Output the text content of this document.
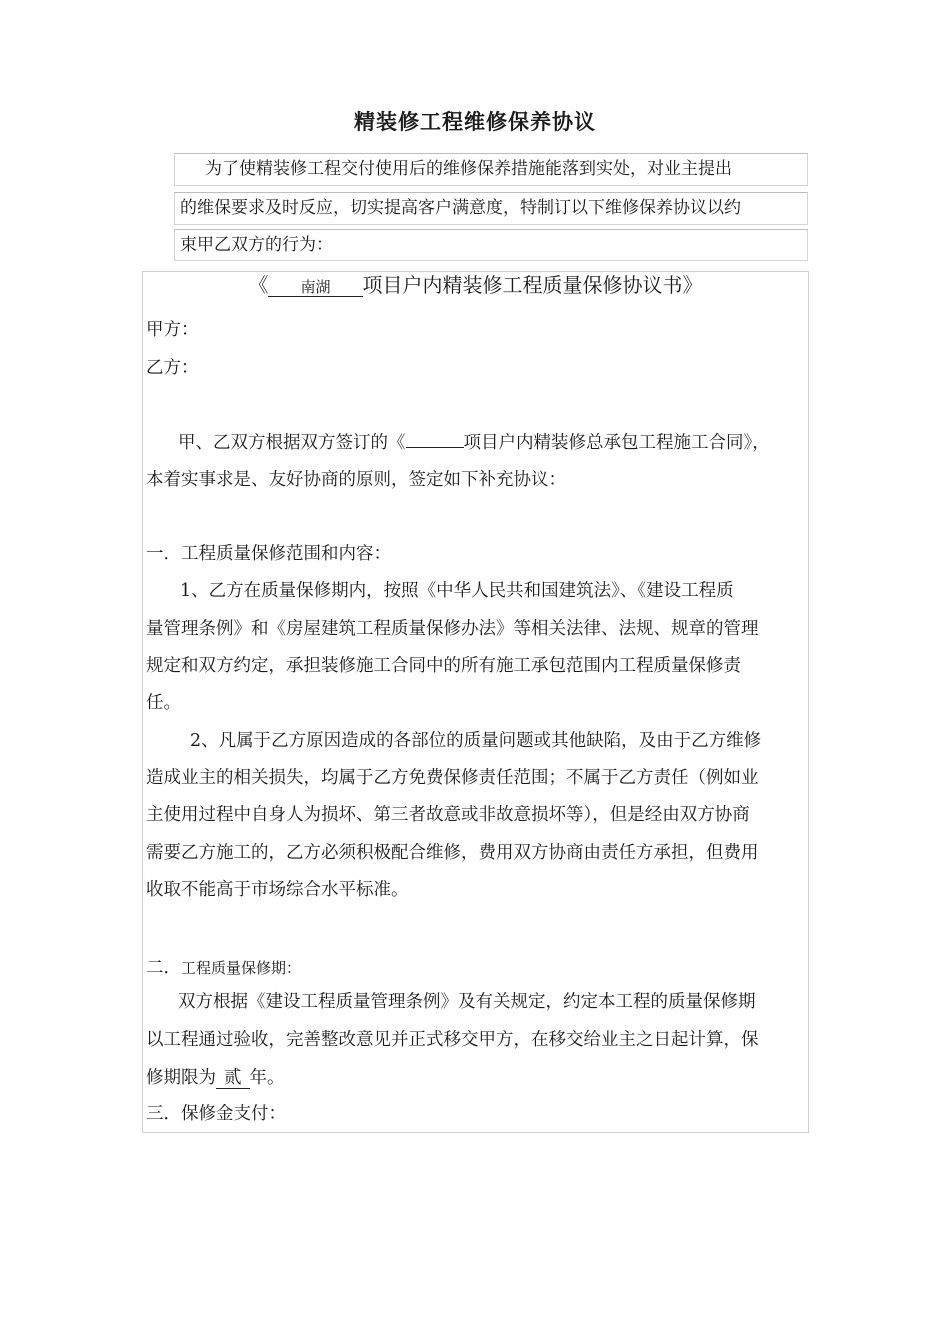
精装修工程维修保养协议
为了使精装修工程交付使用后的维修保养措施能落到实处，对业主提出
的维保要求及时反应，切实提高客户满意度，特制订以下维修保养协议以约
束甲乙双方的行为：
《 南湖 项目户内精装修工程质量保修协议书》
甲方：
乙方：
甲、乙双方根据双方签订的《	项目户内精装修总承包工程施工合同》，
本着实事求是、友好协商的原则，签定如下补充协议：
一．工程质量保修范围和内容：
1、乙方在质量保修期内，按照《中华人民共和国建筑法》、《建设工程质
量管理条例》和《房屋建筑工程质量保修办法》等相关法律、法规、规章的管理
规定和双方约定，承担装修施工合同中的所有施工承包范围内工程质量保修责
任。
2、凡属于乙方原因造成的各部位的质量问题或其他缺陷，及由于乙方维修
造成业主的相关损失，均属于乙方免费保修责任范围；不属于乙方责任（例如业
主使用过程中自身人为损坏、第三者故意或非故意损坏等），但是经由双方协商
需要乙方施工的，乙方必须积极配合维修，费用双方协商由责任方承担，但费用
收取不能高于市场综合水平标准。
二．工程质量保修期：
双方根据《建设工程质量管理条例》及有关规定，约定本工程的质量保修期
以工程通过验收，完善整改意见并正式移交甲方，在移交给业主之日起计算，保
修期限为 贰 年。
三．保修金支付：
